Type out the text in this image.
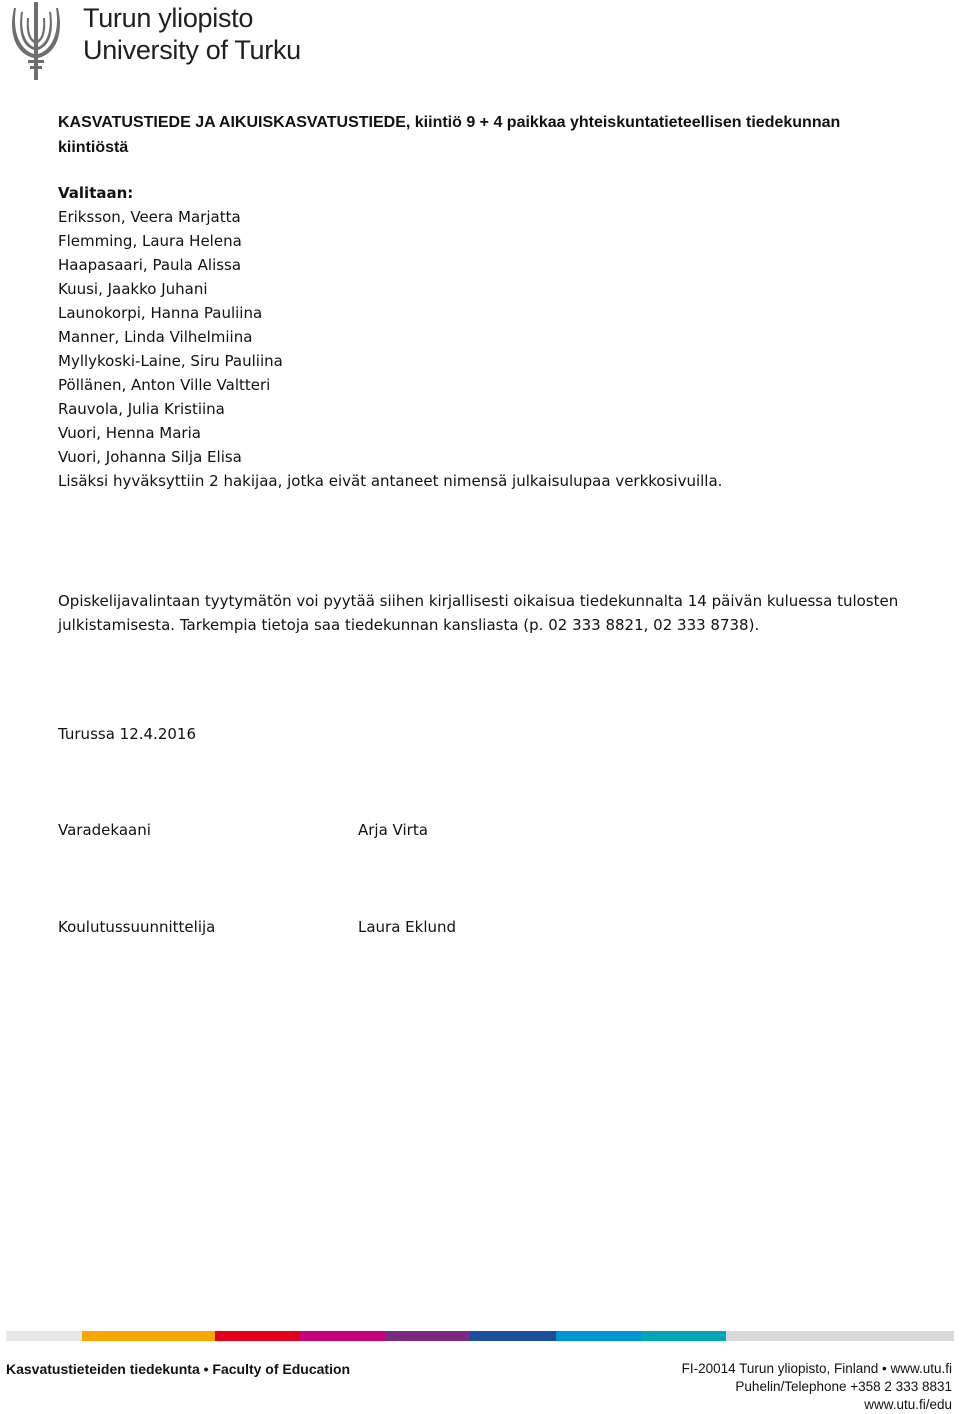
Turun yliopisto
University of Turku

KASVATUSTIEDE JA AIKUISKASVATUSTIEDE, kiintiö 9 + 4 paikkaa yhteiskuntatieteellisen tiedekunnan kiintiöstä

Valitaan:
Eriksson, Veera Marjatta
Flemming, Laura Helena
Haapasaari, Paula Alissa
Kuusi, Jaakko Juhani
Launokorpi, Hanna Pauliina
Manner, Linda Vilhelmiina
Myllykoski-Laine, Siru Pauliina
Pöllänen, Anton Ville Valtteri
Rauvola, Julia Kristiina
Vuori, Henna Maria
Vuori, Johanna Silja Elisa
Lisäksi hyväksyttiin 2 hakijaa, jotka eivät antaneet nimensä julkaisulupaa verkkosivuilla.
Opiskelijavalintaan tyytymätön voi pyytää siihen kirjallisesti oikaisua tiedekunnalta 14 päivän kuluessa tulosten julkistamisesta. Tarkempia tietoja saa tiedekunnan kansliasta (p. 02 333 8821, 02 333 8738).
Turussa 12.4.2016
Varadekaani	Arja Virta
Koulutussuunnittelija	Laura Eklund
Kasvatustieteiden tiedekunta • Faculty of Education	FI-20014 Turun yliopisto, Finland • www.utu.fi
Puhelin/Telephone +358 2 333 8831
www.utu.fi/edu
